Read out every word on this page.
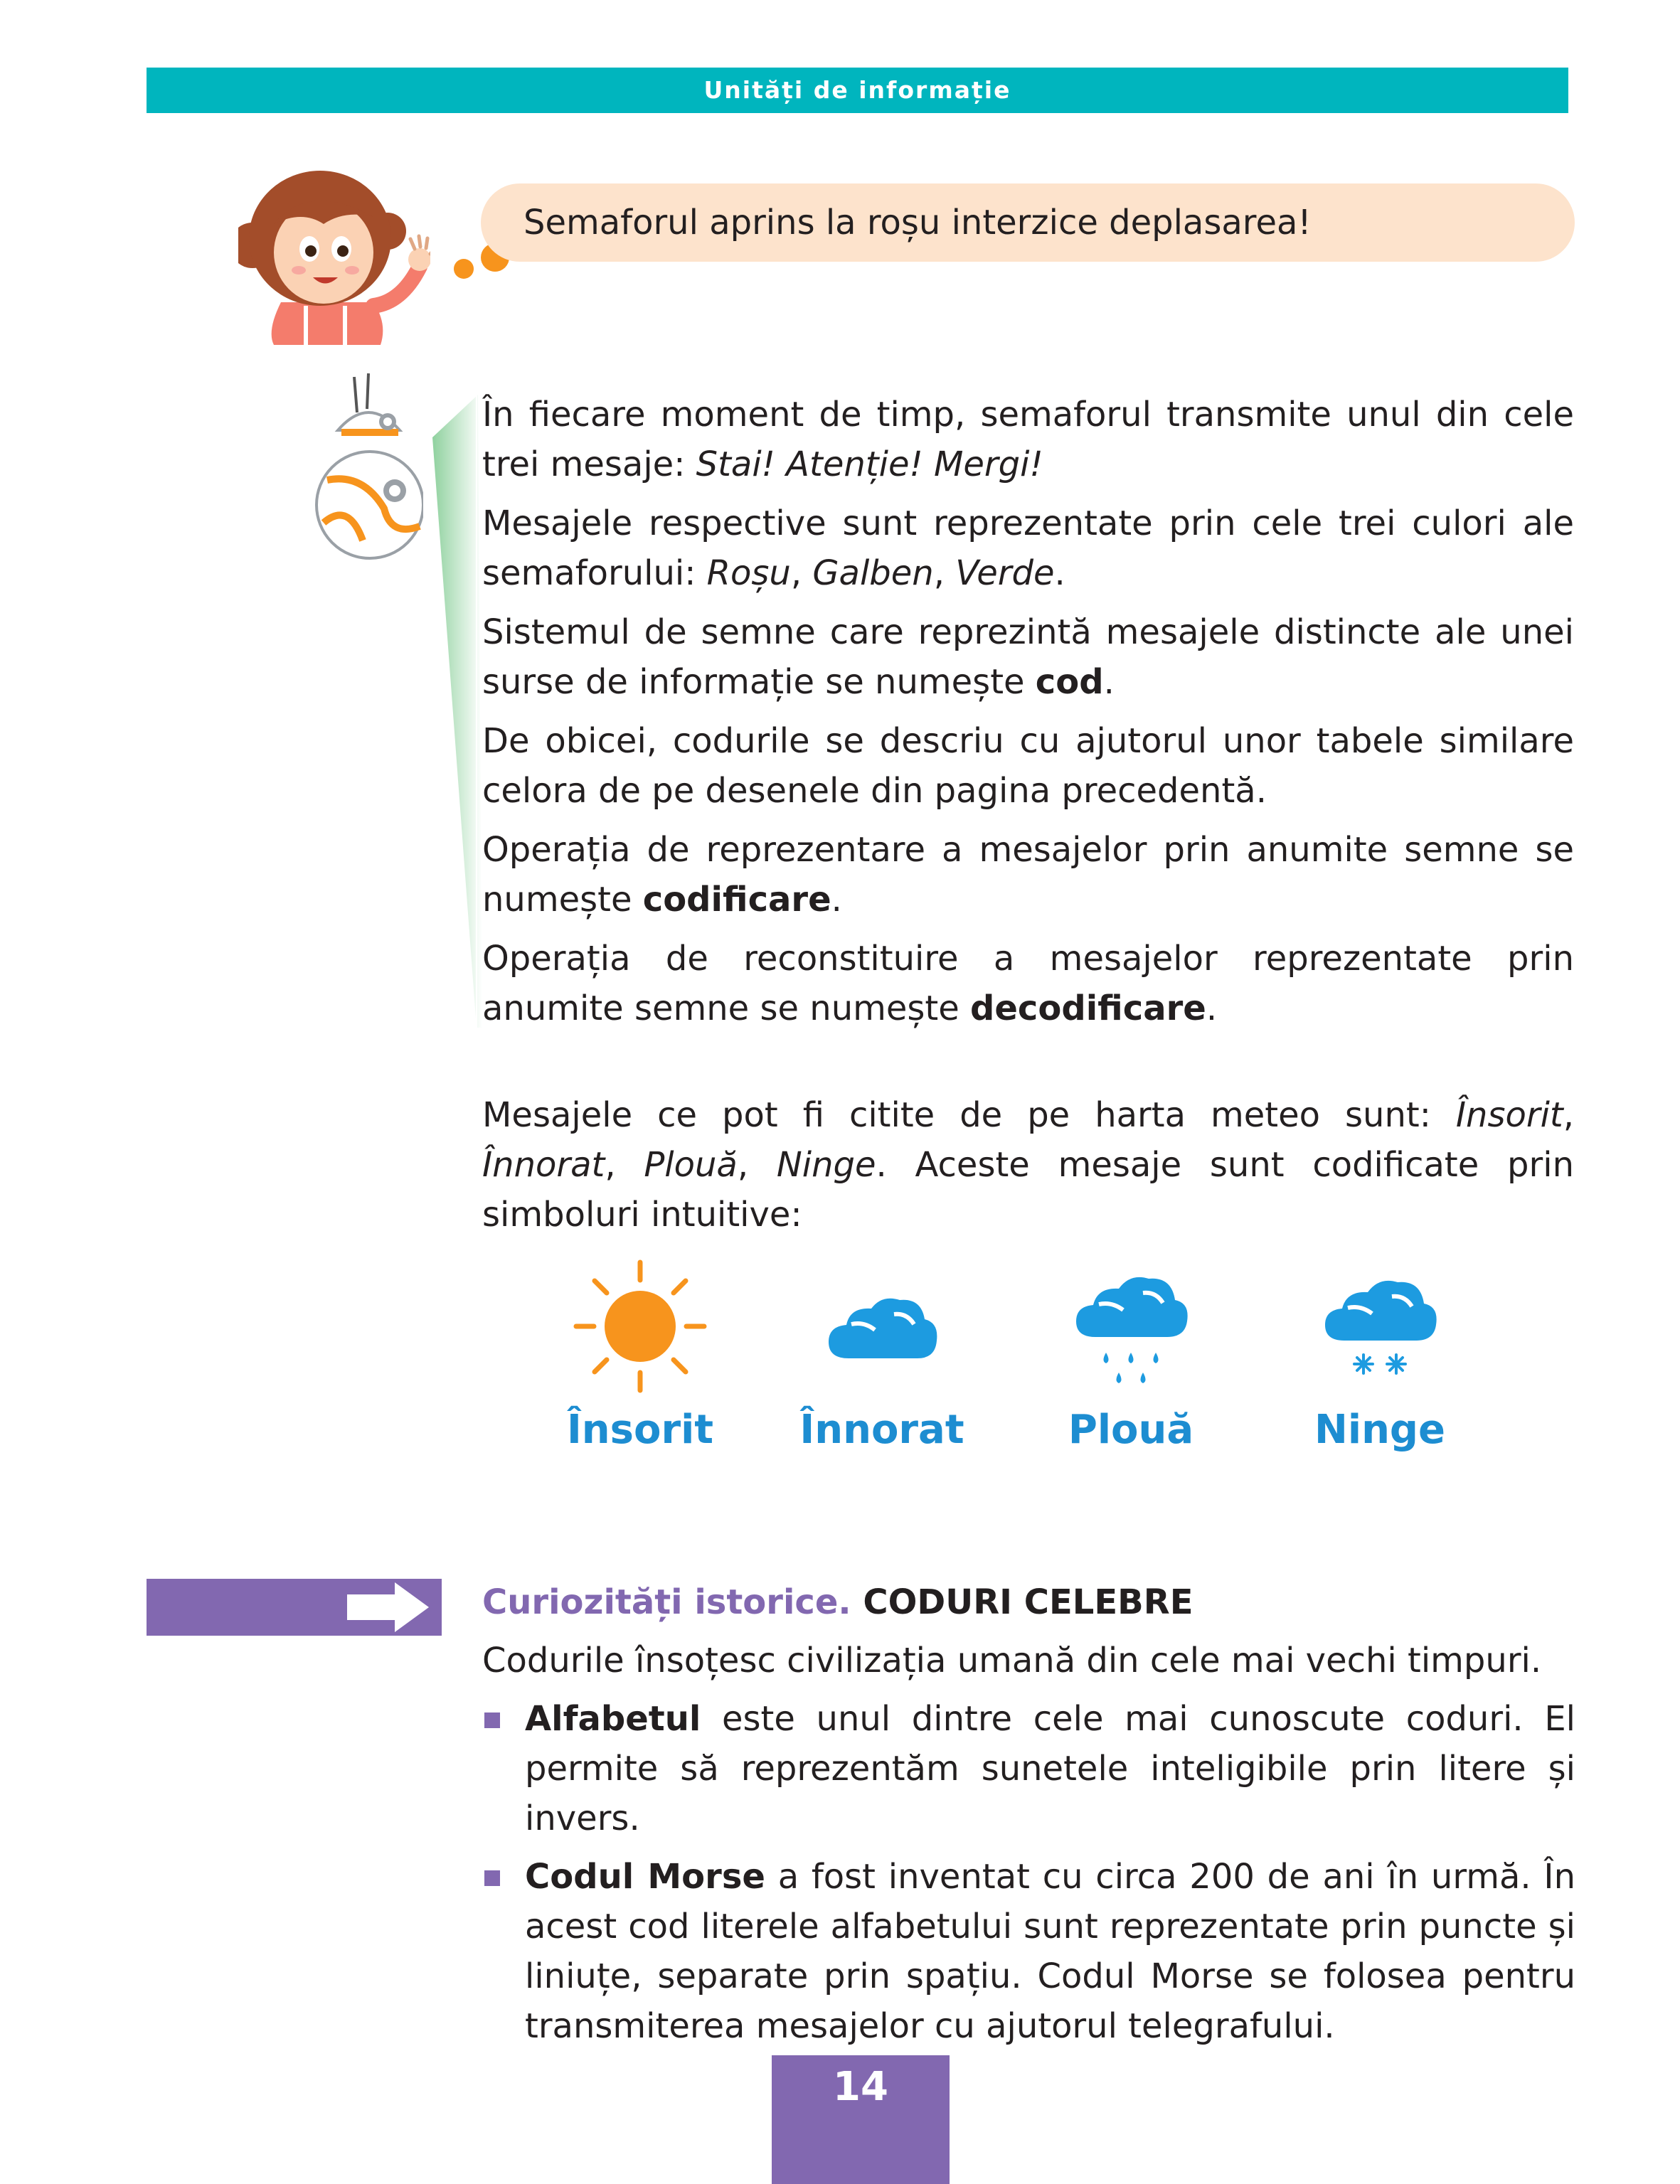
Unități de informație
Semaforul aprins la roșu interzice deplasarea!

În fiecare moment de timp, semaforul transmite unul din cele trei mesaje: Stai! Atenție! Mergi!

Mesajele respective sunt reprezentate prin cele trei culori ale semaforului: Roșu, Galben, Verde.

Sistemul de semne care reprezintă mesajele distincte ale unei surse de informație se numește cod.

De obicei, codurile se descriu cu ajutorul unor tabele similare celora de pe desenele din pagina precedentă.

Operația de reprezentare a mesajelor prin anumite semne se numește codificare.

Operația de reconstituire a mesajelor reprezentate prin anumite semne se numește decodificare.

Mesajele ce pot fi citite de pe harta meteo sunt: Însorit, Înnorat, Plouă, Ninge. Aceste mesaje sunt codificate prin simboluri intuitive:

Însorit	Înnorat	Plouă	Ninge

Curiozități istorice. CODURI CELEBRE

Codurile însoțesc civilizația umană din cele mai vechi timpuri.

Alfabetul este unul dintre cele mai cunoscute coduri. El permite să reprezentăm sunetele inteligibile prin litere și invers.
Codul Morse a fost inventat cu circa 200 de ani în urmă. În acest cod literele alfabetului sunt reprezentate prin puncte și liniuțe, separate prin spațiu. Codul Morse se folosea pentru transmiterea mesajelor cu ajutorul telegrafului.
14
